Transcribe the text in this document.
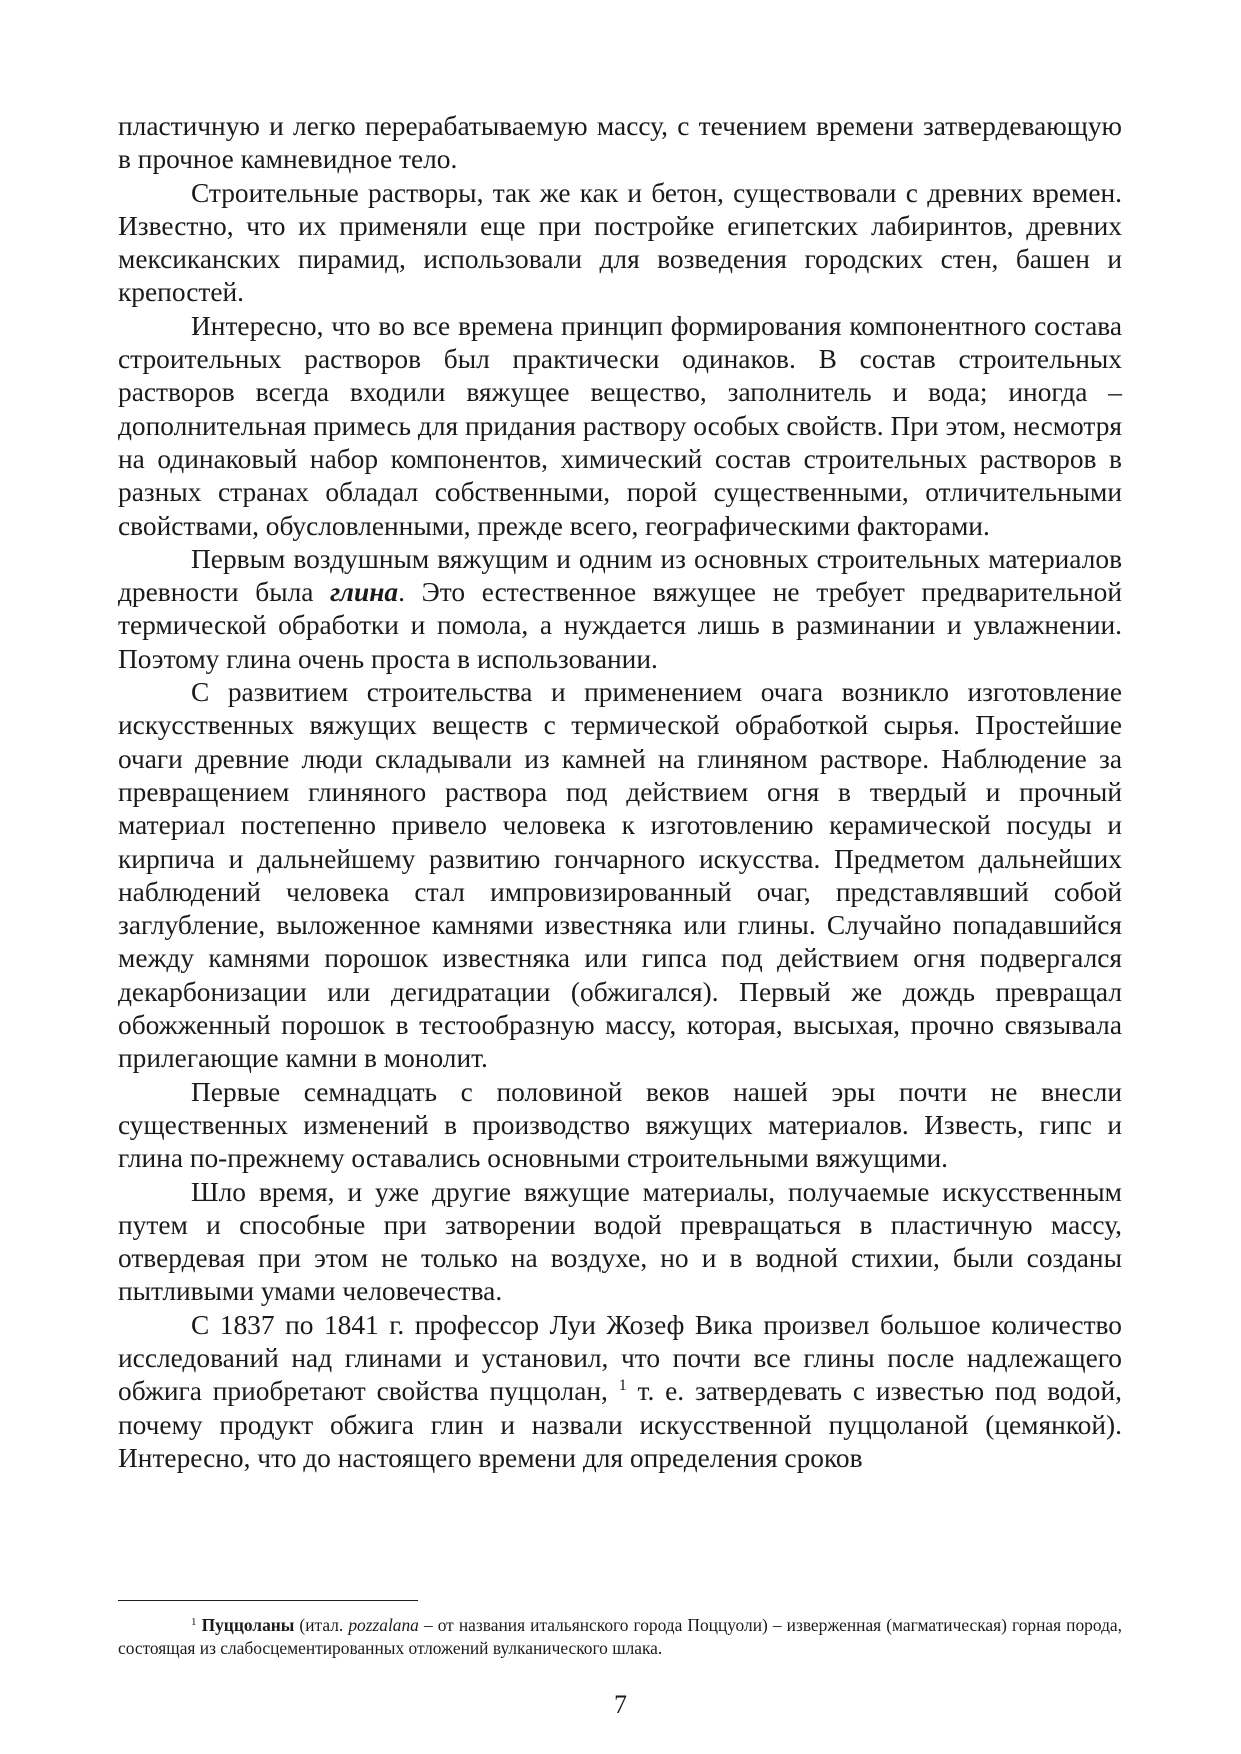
пластичную и легко перерабатываемую массу, с течением времени затвердевающую в прочное камневидное тело.

Строительные растворы, так же как и бетон, существовали с древних времен. Известно, что их применяли еще при постройке египетских лабиринтов, древних мексиканских пирамид, использовали для возведения городских стен, башен и крепостей.

Интересно, что во все времена принцип формирования компонентного состава строительных растворов был практически одинаков. В состав строительных растворов всегда входили вяжущее вещество, заполнитель и вода; иногда – дополнительная примесь для придания раствору особых свойств. При этом, несмотря на одинаковый набор компонентов, химический состав строительных растворов в разных странах обладал собственными, порой существенными, отличительными свойствами, обусловленными, прежде всего, географическими факторами.

Первым воздушным вяжущим и одним из основных строительных материалов древности была глина. Это естественное вяжущее не требует предварительной термической обработки и помола, а нуждается лишь в разминании и увлажнении. Поэтому глина очень проста в использовании.

С развитием строительства и применением очага возникло изготовление искусственных вяжущих веществ с термической обработкой сырья. Простейшие очаги древние люди складывали из камней на глиняном растворе. Наблюдение за превращением глиняного раствора под действием огня в твердый и прочный материал постепенно привело человека к изготовлению керамической посуды и кирпича и дальнейшему развитию гончарного искусства. Предметом дальнейших наблюдений человека стал импровизированный очаг, представлявший собой заглубление, выложенное камнями известняка или глины. Случайно попадавшийся между камнями порошок известняка или гипса под действием огня подвергался декарбонизации или дегидратации (обжигался). Первый же дождь превращал обожженный порошок в тестообразную массу, которая, высыхая, прочно связывала прилегающие камни в монолит.

Первые семнадцать с половиной веков нашей эры почти не внесли существенных изменений в производство вяжущих материалов. Известь, гипс и глина по-прежнему оставались основными строительными вяжущими.

Шло время, и уже другие вяжущие материалы, получаемые искусственным путем и способные при затворении водой превращаться в пластичную массу, отвердевая при этом не только на воздухе, но и в водной стихии, были созданы пытливыми умами человечества.

С 1837 по 1841 г. профессор Луи Жозеф Вика произвел большое количество исследований над глинами и установил, что почти все глины после надлежащего обжига приобретают свойства пуццолан, $^1$ т. е. затвердевать с известью под водой, почему продукт обжига глин и назвали искусственной пуццоланой (цемянкой). Интересно, что до настоящего времени для определения сроков

$^1$ Пуццоланы (итал. pozzalana – от названия итальянского города Поццуоли) – изверженная (магматическая) горная порода, состоящая из слабосцементированных отложений вулканического шлака.

7
